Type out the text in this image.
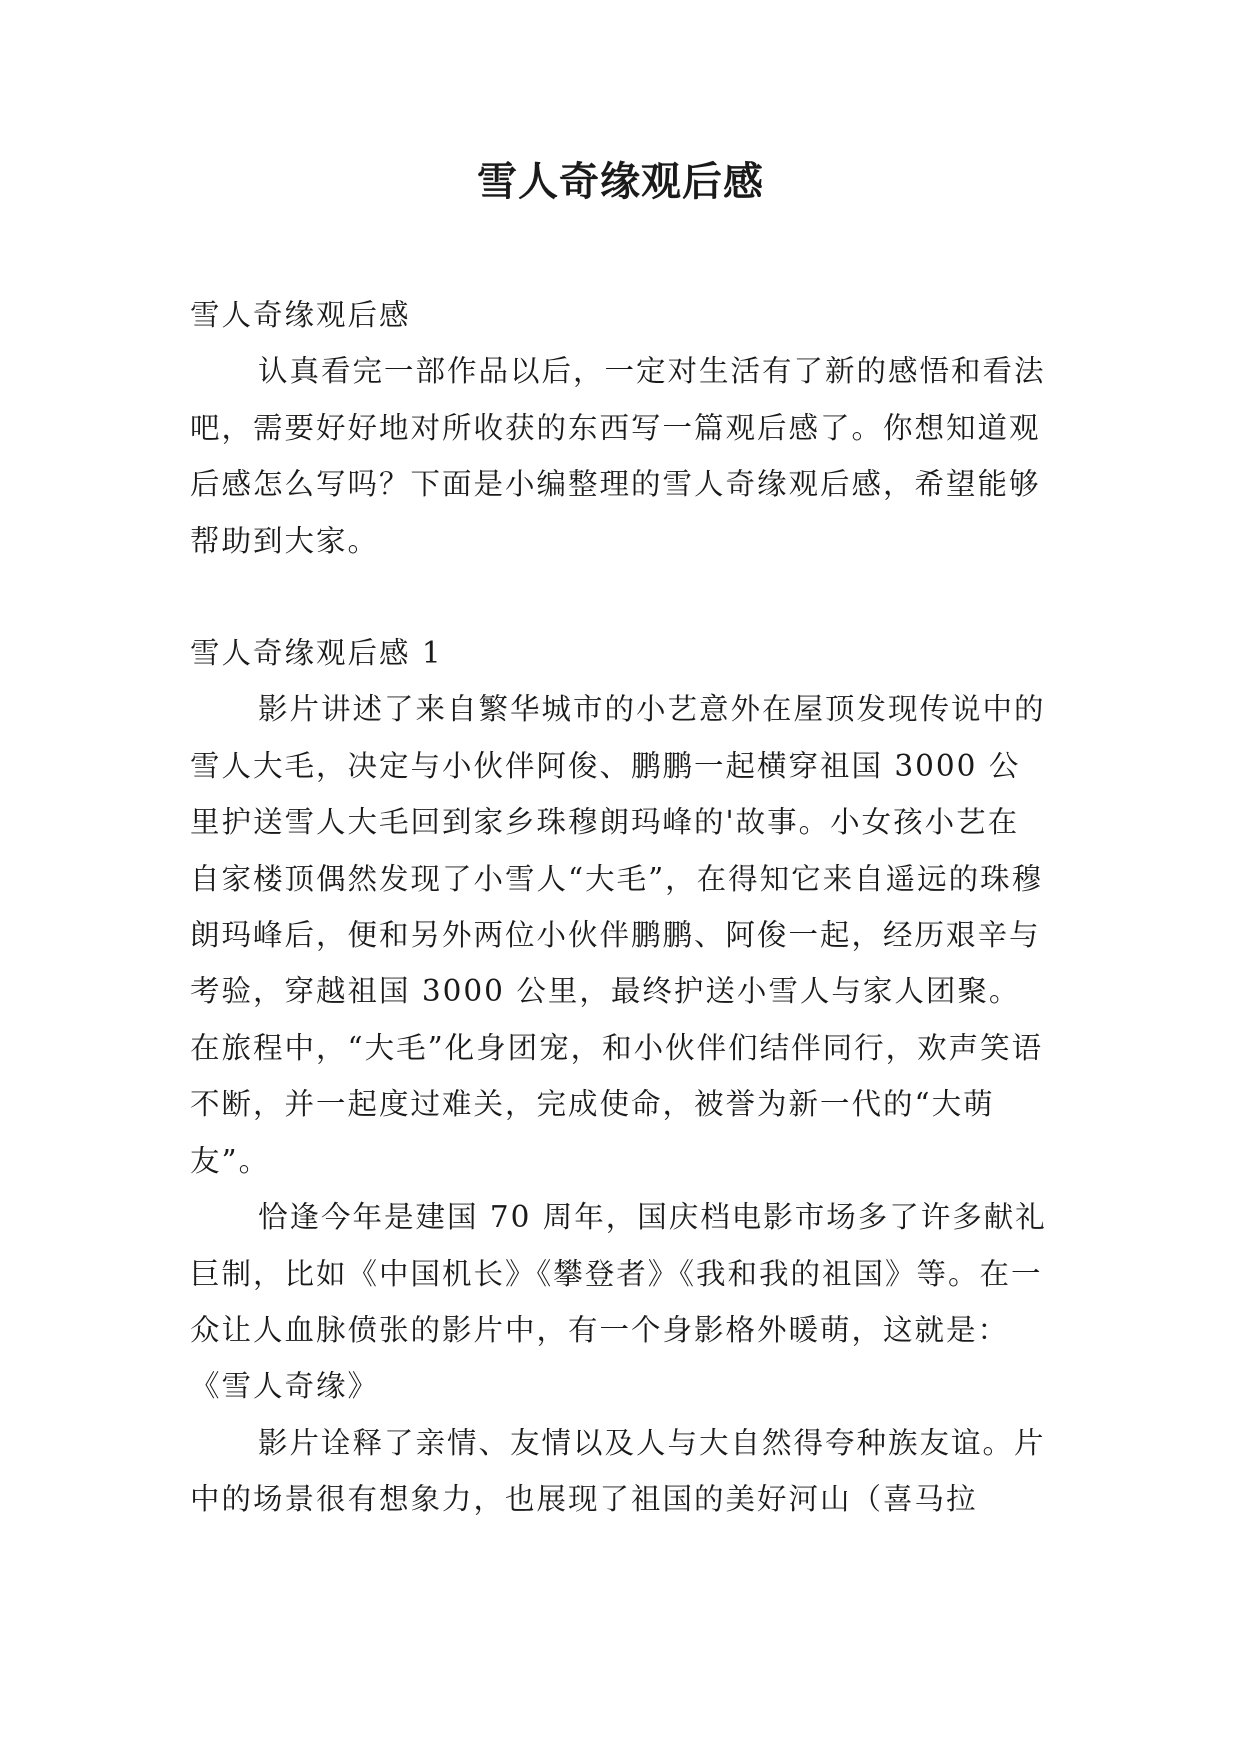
雪人奇缘观后感

雪人奇缘观后感

认真看完一部作品以后，一定对生活有了新的感悟和看法吧，需要好好地对所收获的东西写一篇观后感了。你想知道观后感怎么写吗？下面是小编整理的雪人奇缘观后感，希望能够帮助到大家。

雪人奇缘观后感 1

影片讲述了来自繁华城市的小艺意外在屋顶发现传说中的雪人大毛，决定与小伙伴阿俊、鹏鹏一起横穿祖国 3000 公里护送雪人大毛回到家乡珠穆朗玛峰的'故事。小女孩小艺在自家楼顶偶然发现了小雪人“大毛”，在得知它来自遥远的珠穆朗玛峰后，便和另外两位小伙伴鹏鹏、阿俊一起，经历艰辛与考验，穿越祖国 3000 公里，最终护送小雪人与家人团聚。在旅程中，“大毛”化身团宠，和小伙伴们结伴同行，欢声笑语不断，并一起度过难关，完成使命，被誉为新一代的“大萌友”。

恰逢今年是建国 70 周年，国庆档电影市场多了许多献礼巨制，比如《中国机长》《攀登者》《我和我的祖国》等。在一众让人血脉偾张的影片中，有一个身影格外暖萌，这就是：《雪人奇缘》

影片诠释了亲情、友情以及人与大自然得夸种族友谊。片中的场景很有想象力，也展现了祖国的美好河山（喜马拉
